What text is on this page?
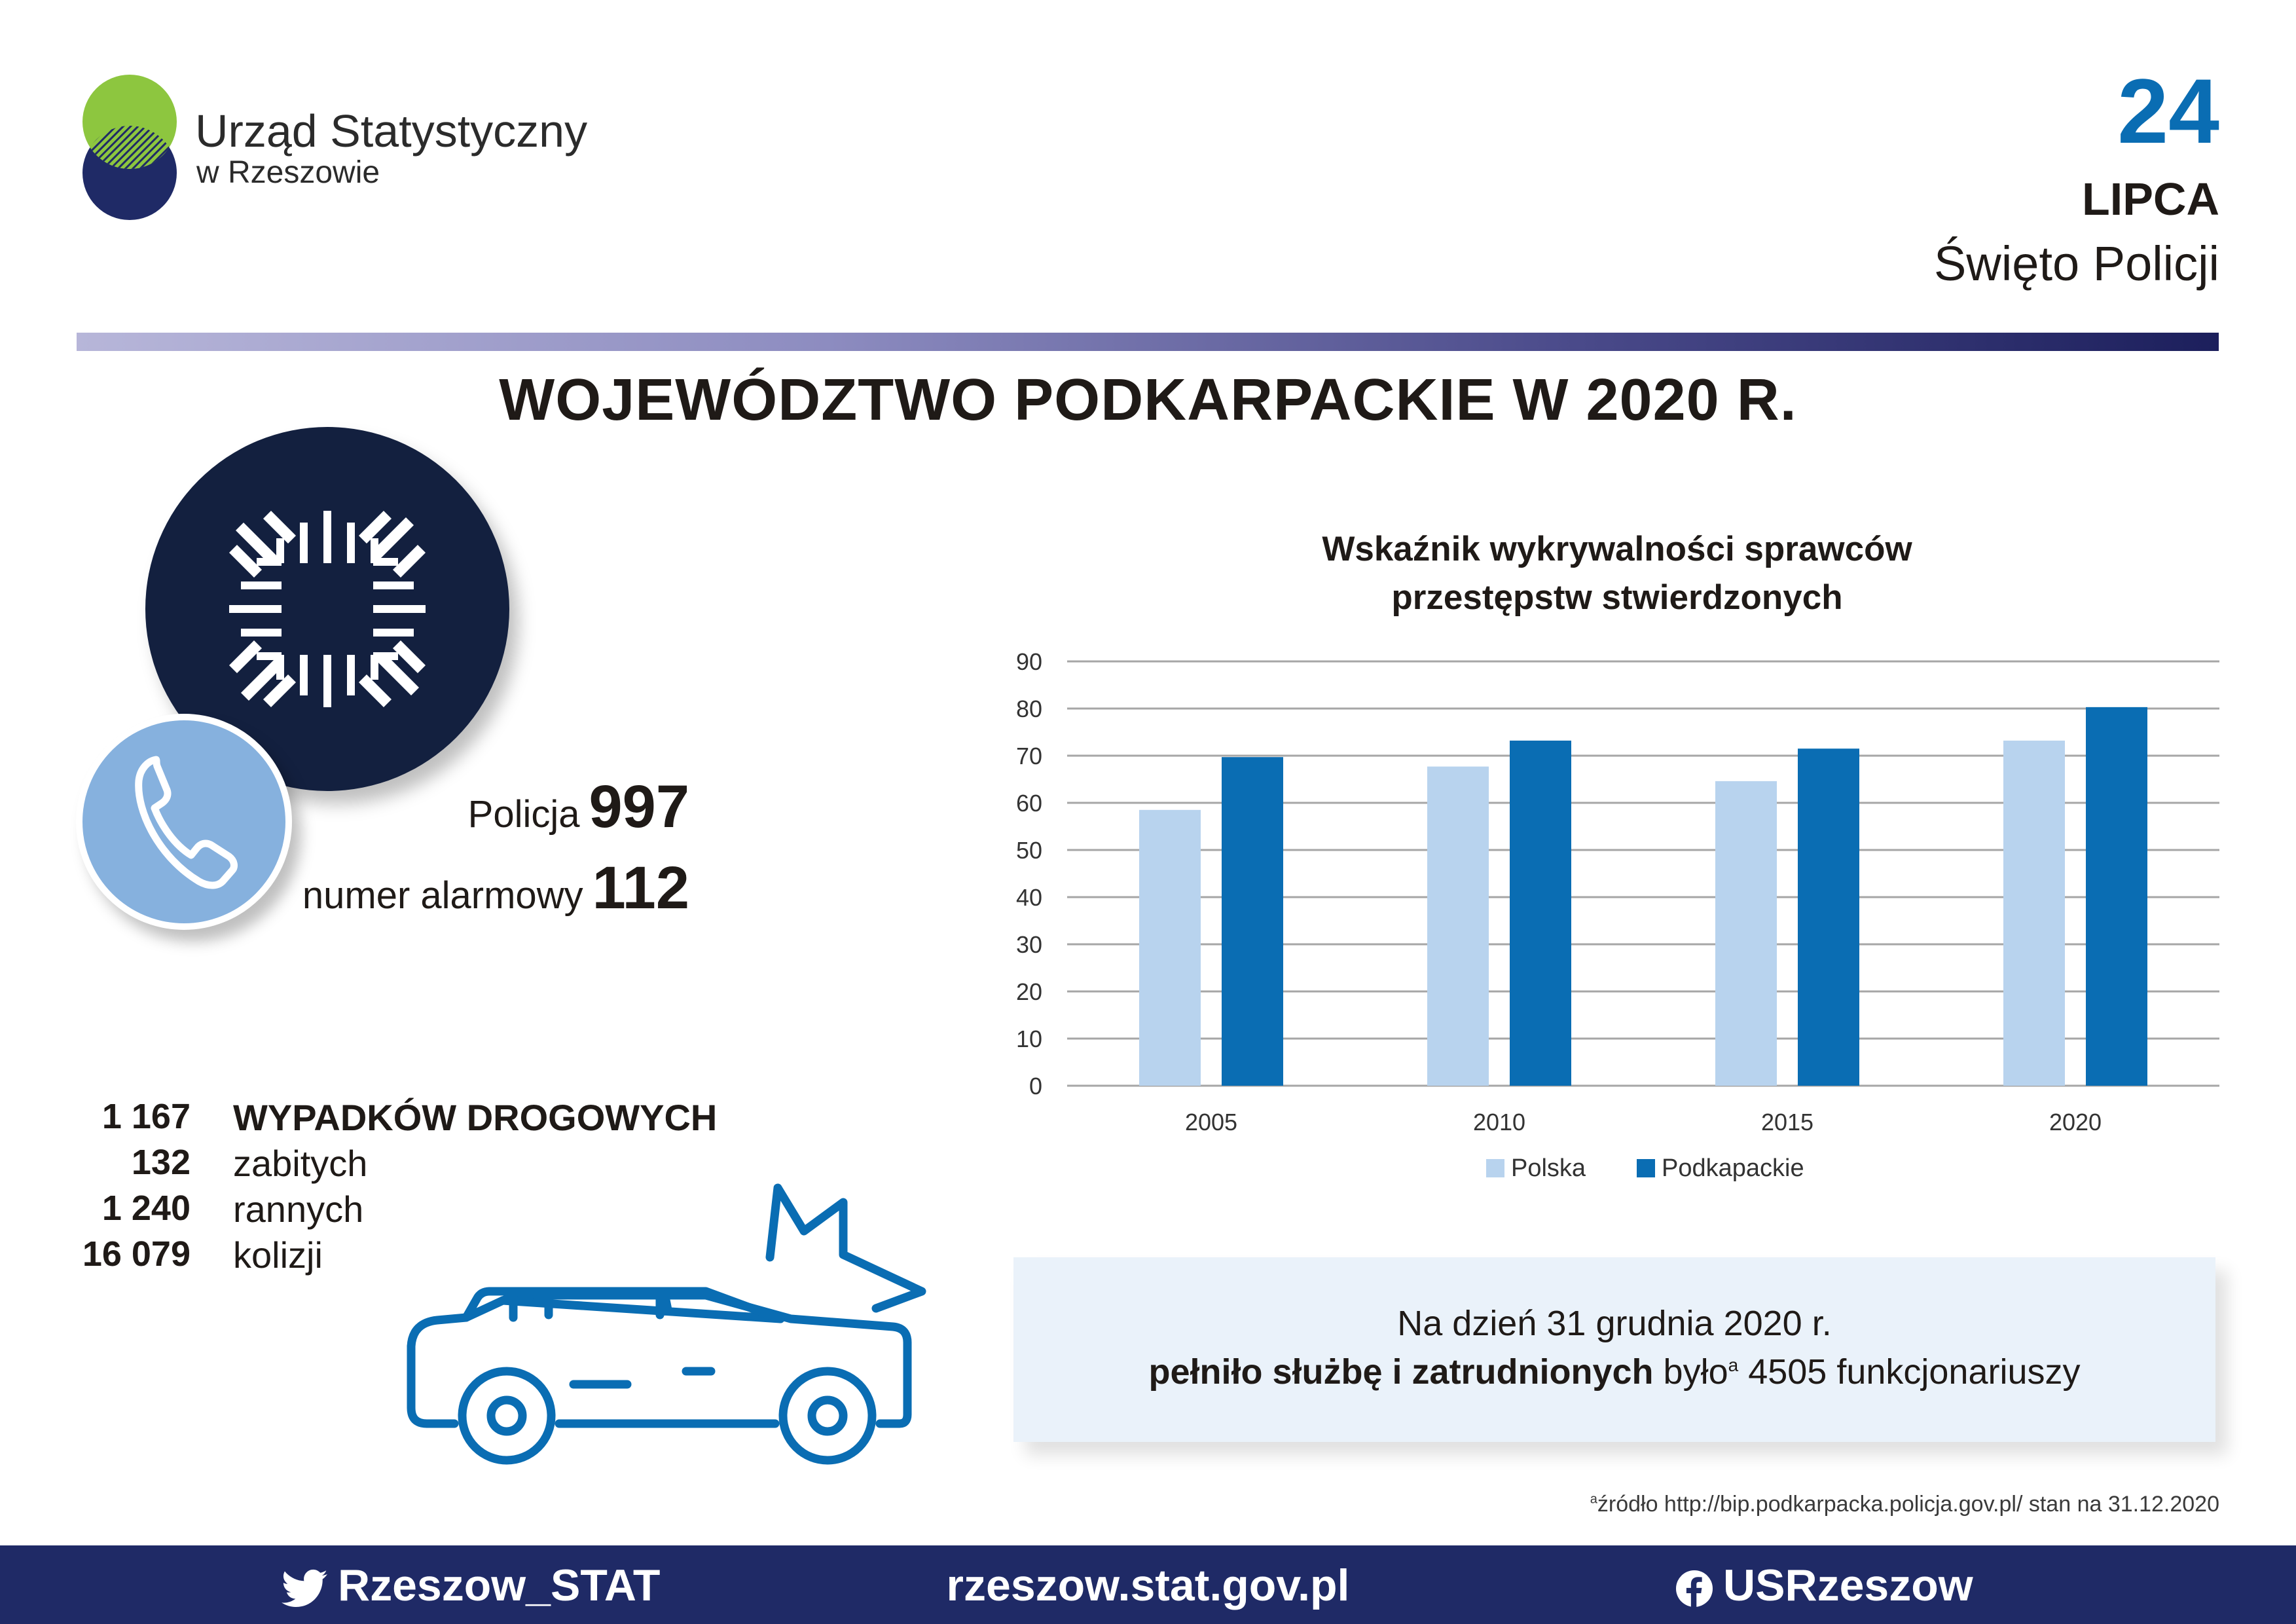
Urząd Statystyczny
w Rzeszowie
24
LIPCA
Święto Policji
WOJEWÓDZTWO PODKARPACKIE W 2020 R.
Policja 997
numer alarmowy 112
1 167 WYPADKÓW DROGOWYCH
132 zabitych
1 240 rannych
16 079 kolizji
Wskaźnik wykrywalności sprawców
przestępstw stwierdzonych
0
10
20
30
40
50
60
70
80
90
2005	2010	2015	2020
Polska	Podkapackie
Na dzień 31 grudnia 2020 r.
pełniło służbę i zatrudnionych było$^a$ 4505 funkcjonariuszy
$^a$źródło http://bip.podkarpacka.policja.gov.pl/ stan na 31.12.2020
Rzeszow_STAT	rzeszow.stat.gov.pl	USRzeszow
